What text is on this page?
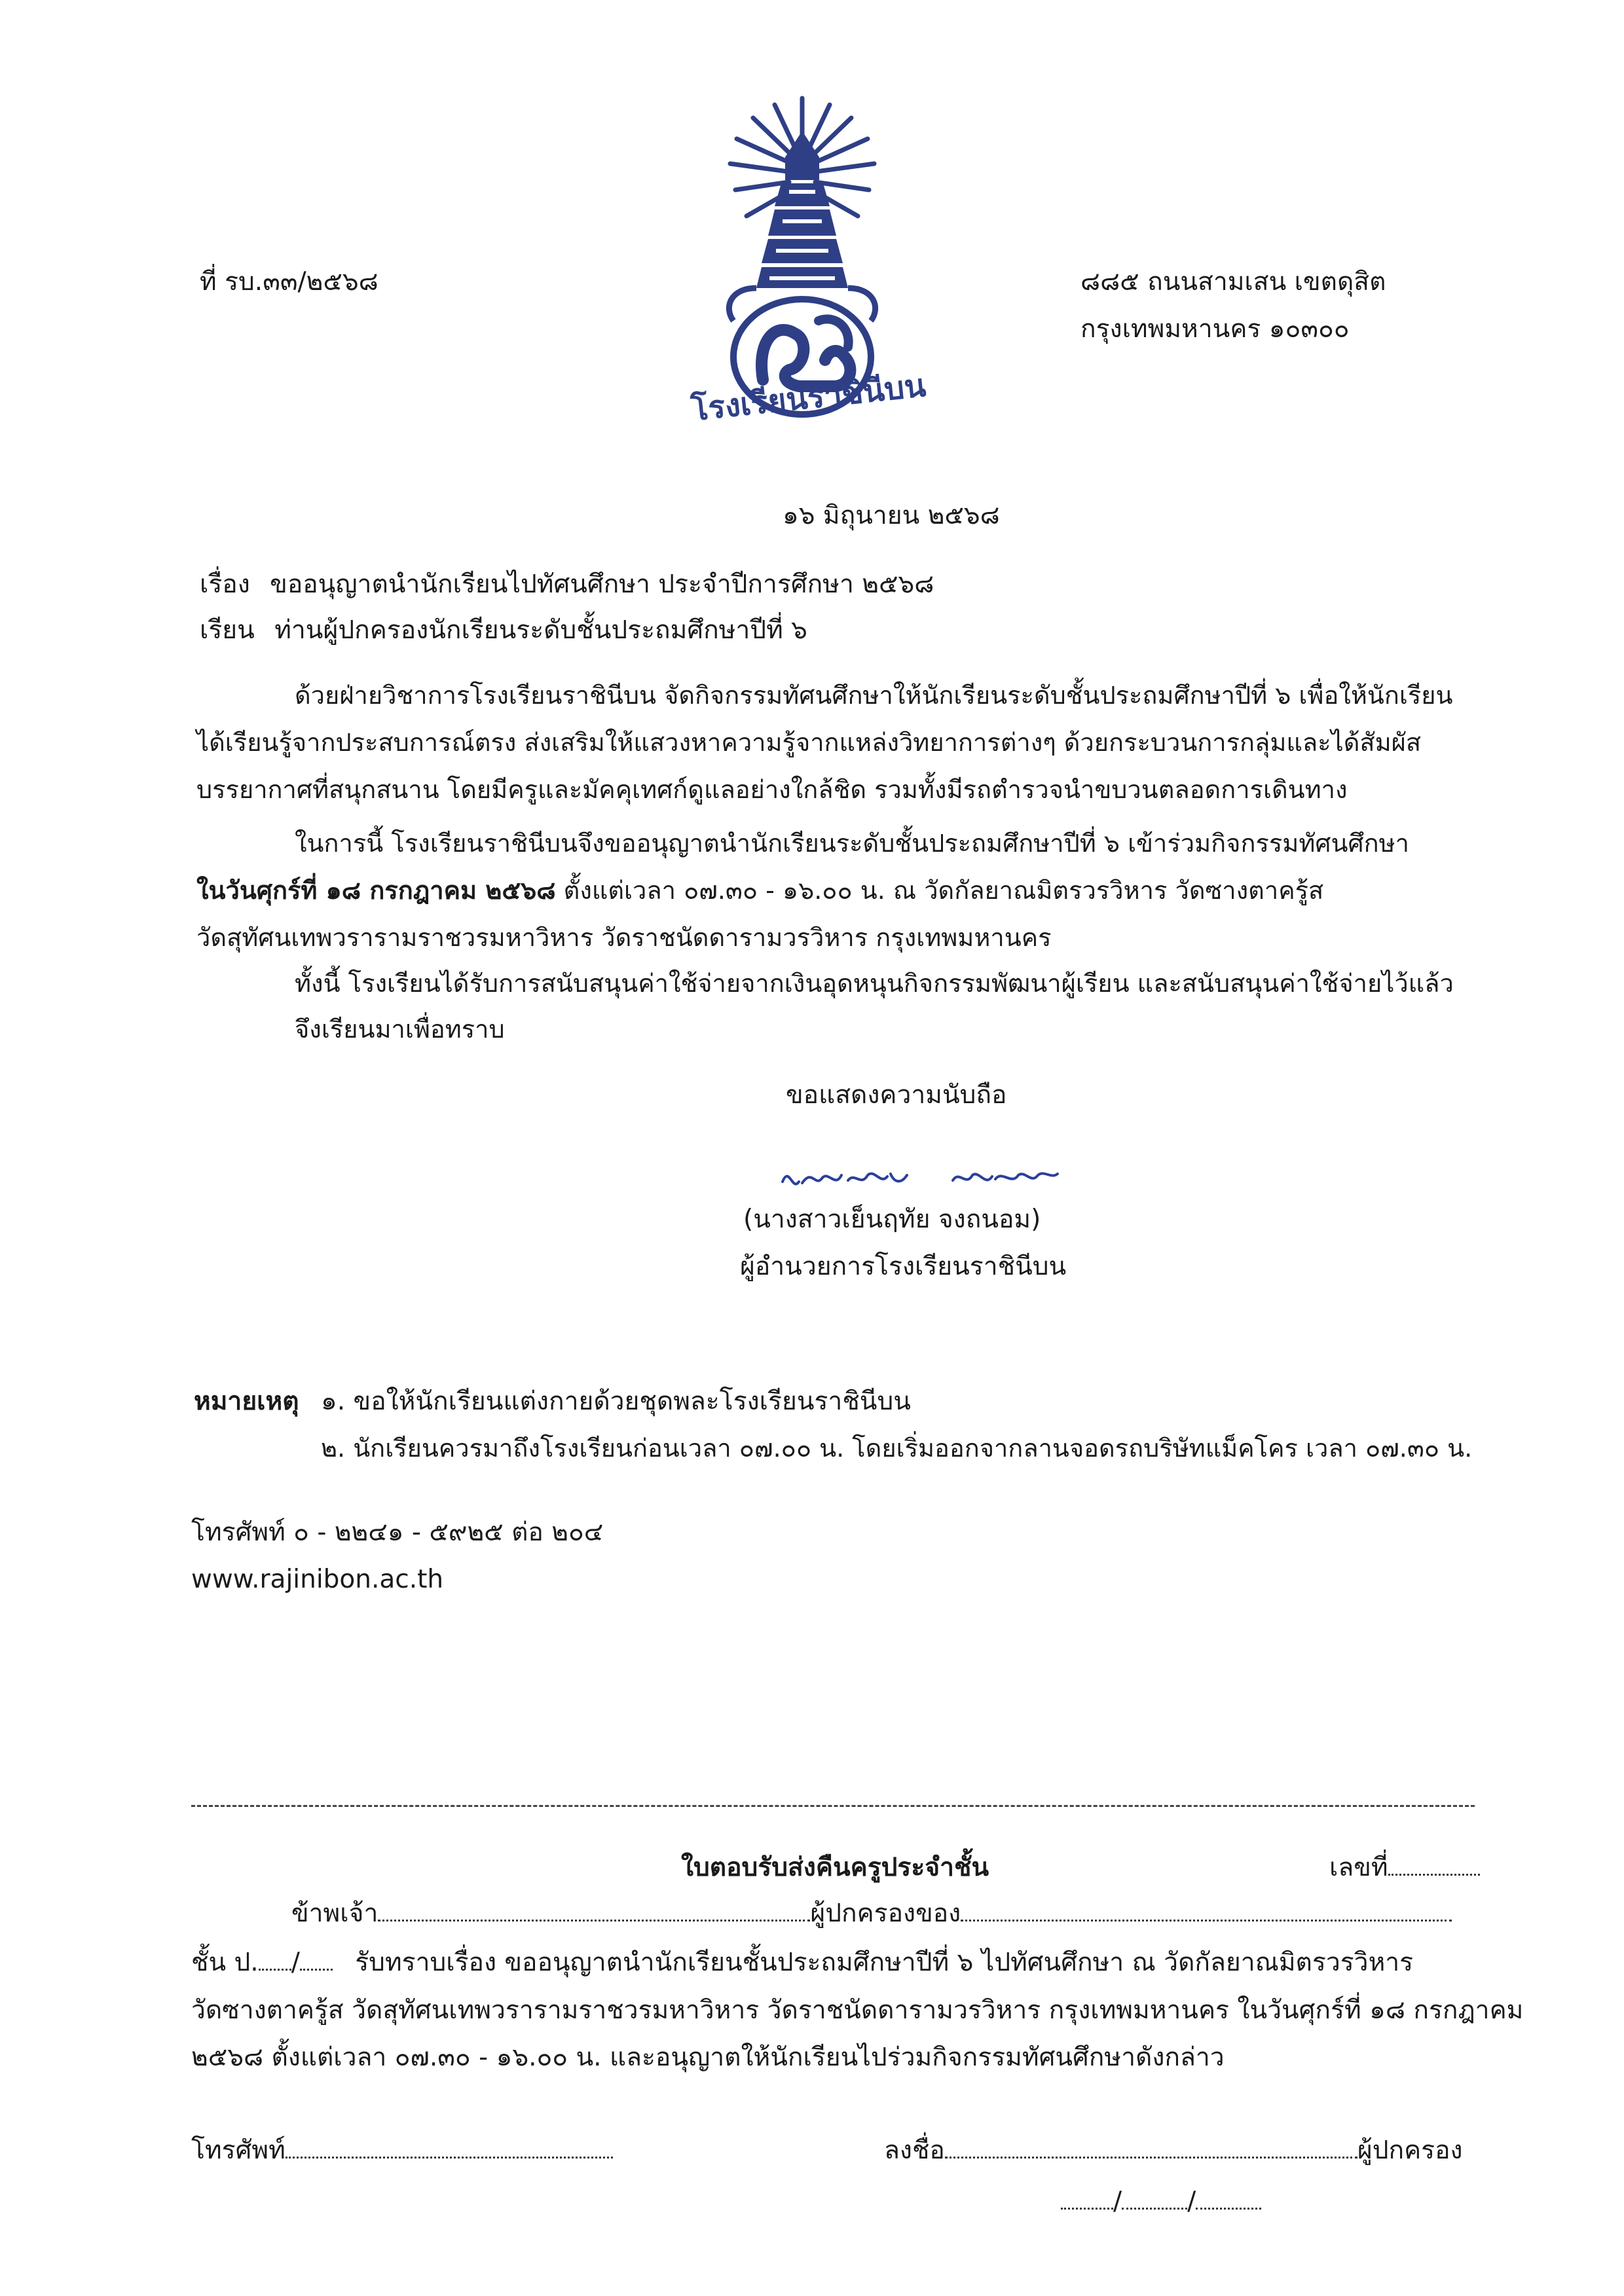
โรงเรียนราชินีบน
ที่ รบ.๓๓/๒๕๖๘	๘๘๕ ถนนสามเสน เขตดุสิต
กรุงเทพมหานคร ๑๐๓๐๐
๑๖ มิถุนายน ๒๕๖๘
เรื่อง ขออนุญาตนำนักเรียนไปทัศนศึกษา ประจำปีการศึกษา ๒๕๖๘
เรียน ท่านผู้ปกครองนักเรียนระดับชั้นประถมศึกษาปีที่ ๖
ด้วยฝ่ายวิชาการโรงเรียนราชินีบน จัดกิจกรรมทัศนศึกษาให้นักเรียนระดับชั้นประถมศึกษาปีที่ ๖ เพื่อให้นักเรียน
ได้เรียนรู้จากประสบการณ์ตรง ส่งเสริมให้แสวงหาความรู้จากแหล่งวิทยาการต่างๆ ด้วยกระบวนการกลุ่มและได้สัมผัส
บรรยากาศที่สนุกสนาน โดยมีครูและมัคคุเทศก์ดูแลอย่างใกล้ชิด รวมทั้งมีรถตำรวจนำขบวนตลอดการเดินทาง
ในการนี้ โรงเรียนราชินีบนจึงขออนุญาตนำนักเรียนระดับชั้นประถมศึกษาปีที่ ๖ เข้าร่วมกิจกรรมทัศนศึกษา
ในวันศุกร์ที่ ๑๘ กรกฎาคม ๒๕๖๘ ตั้งแต่เวลา ๐๗.๓๐ - ๑๖.๐๐ น. ณ วัดกัลยาณมิตรวรวิหาร วัดซางตาครู้ส
วัดสุทัศนเทพวรารามราชวรมหาวิหาร วัดราชนัดดารามวรวิหาร กรุงเทพมหานคร
ทั้งนี้ โรงเรียนได้รับการสนับสนุนค่าใช้จ่ายจากเงินอุดหนุนกิจกรรมพัฒนาผู้เรียน และสนับสนุนค่าใช้จ่ายไว้แล้ว
จึงเรียนมาเพื่อทราบ
ขอแสดงความนับถือ
(นางสาวเย็นฤทัย จงถนอม)
ผู้อำนวยการโรงเรียนราชินีบน
หมายเหตุ ๑. ขอให้นักเรียนแต่งกายด้วยชุดพละโรงเรียนราชินีบน
๒. นักเรียนควรมาถึงโรงเรียนก่อนเวลา ๐๗.๐๐ น. โดยเริ่มออกจากลานจอดรถบริษัทแม็คโคร เวลา ๐๗.๓๐ น.
โทรศัพท์ ๐ - ๒๒๔๑ - ๕๙๒๕ ต่อ ๒๐๔
www.rajinibon.ac.th
ใบตอบรับส่งคืนครูประจำชั้น	เลขที่
ข้าพเจ้า	ผู้ปกครองของ
ชั้น ป. / รับทราบเรื่อง ขออนุญาตนำนักเรียนชั้นประถมศึกษาปีที่ ๖ ไปทัศนศึกษา ณ วัดกัลยาณมิตรวรวิหาร
วัดซางตาครู้ส วัดสุทัศนเทพวรารามราชวรมหาวิหาร วัดราชนัดดารามวรวิหาร กรุงเทพมหานคร ในวันศุกร์ที่ ๑๘ กรกฎาคม
๒๕๖๘ ตั้งแต่เวลา ๐๗.๓๐ - ๑๖.๐๐ น. และอนุญาตให้นักเรียนไปร่วมกิจกรรมทัศนศึกษาดังกล่าว
โทรศัพท์	ลงชื่อ	ผู้ปกครอง
/	/
